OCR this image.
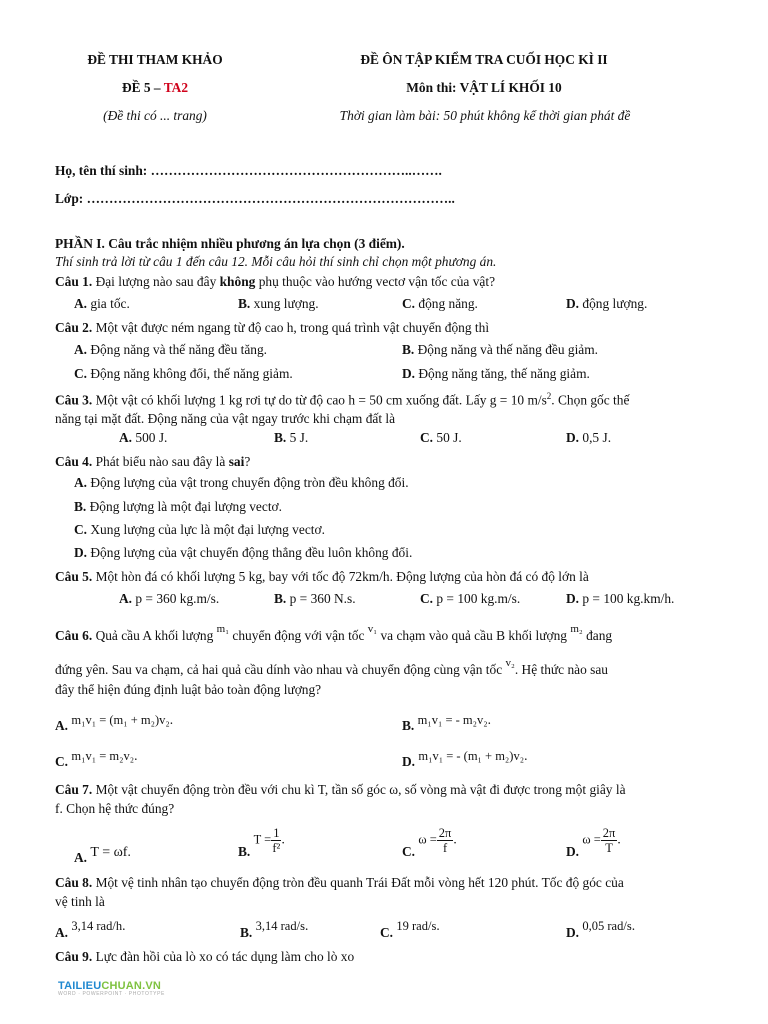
ĐỀ THI THAM KHẢO
ĐỀ 5 – TA2
(Đề thi có ... trang)
ĐỀ ÔN TẬP KIỂM TRA CUỐI HỌC KÌ II
Môn thi: VẬT LÍ KHỐI 10
Thời gian làm bài: 50 phút không kể thời gian phát đề
Họ, tên thí sinh: …………………………………………………..…….
Lớp: ………………………………………………………………………..
PHẦN I. Câu trắc nhiệm nhiều phương án lựa chọn (3 điểm).
Thí sinh trả lời từ câu 1 đến câu 12. Mỗi câu hỏi thí sinh chỉ chọn một phương án.
Câu 1. Đại lượng nào sau đây không phụ thuộc vào hướng vectơ vận tốc của vật?
A. gia tốc.	B. xung lượng.	C. động năng.	D. động lượng.
Câu 2. Một vật được ném ngang từ độ cao h, trong quá trình vật chuyển động thì
A. Động năng và thế năng đều tăng.	B. Động năng và thế năng đều giảm.
C. Động năng không đổi, thế năng giảm.	D. Động năng tăng, thế năng giảm.
Câu 3. Một vật có khối lượng 1 kg rơi tự do từ độ cao h = 50 cm xuống đất. Lấy g = 10 $m/s^2$. Chọn gốc thế
năng tại mặt đất. Động năng của vật ngay trước khi chạm đất là
A. 500 J.	B. 5 J.	C. 50 J.	D. 0,5 J.
Câu 4. Phát biểu nào sau đây là sai?
A. Động lượng của vật trong chuyển động tròn đều không đổi.
B. Động lượng là một đại lượng vectơ.
C. Xung lượng của lực là một đại lượng vectơ.
D. Động lượng của vật chuyển động thẳng đều luôn không đổi.
Câu 5. Một hòn đá có khối lượng 5 kg, bay với tốc độ 72km/h. Động lượng của hòn đá có độ lớn là
A. p = 360 kg.m/s.	B. p = 360 N.s.	C. p = 100 kg.m/s.	D. p = 100 kg.km/h.
Câu 6. Quả cầu A khối lượng $^{m_1}$ chuyển động với vận tốc $^{v_1}$ va chạm vào quả cầu B khối lượng $^{m_2}$ đang
đứng yên. Sau va chạm, cả hai quả cầu dính vào nhau và chuyển động cùng vận tốc $^{v_2}$. Hệ thức nào sau
đây thể hiện đúng định luật bảo toàn động lượng?
A. m₁v₁ = (m₁ + m₂)v₂.	B. m₁v₁ = - m₂v₂.
C. m₁v₁ = m₂v₂.	D. m₁v₁ = - (m₁ + m₂)v₂.
Câu 7. Một vật chuyển động tròn đều với chu kì T, tần số góc ω, số vòng mà vật đi được trong một giây là
f. Chọn hệ thức đúng?
A. T = ωf.	B. $T = \frac{1}{\text{f²}}$ .
C. $\omega = \frac{2\pi}{f}$ .
D. $\omega = \frac{2\pi}{T}$ .
Câu 8. Một vệ tinh nhân tạo chuyển động tròn đều quanh Trái Đất mỗi vòng hết 120 phút. Tốc độ góc của
vệ tinh là
A. 3,14 rad/h.	B. 3,14 rad/s.	C. 19 rad/s.	D. 0,05 rad/s.
Câu 9. Lực đàn hồi của lò xo có tác dụng làm cho lò xo
TAILIEUCHUAN.VN
WORD · POWERPOINT · PHOTOTYPE
